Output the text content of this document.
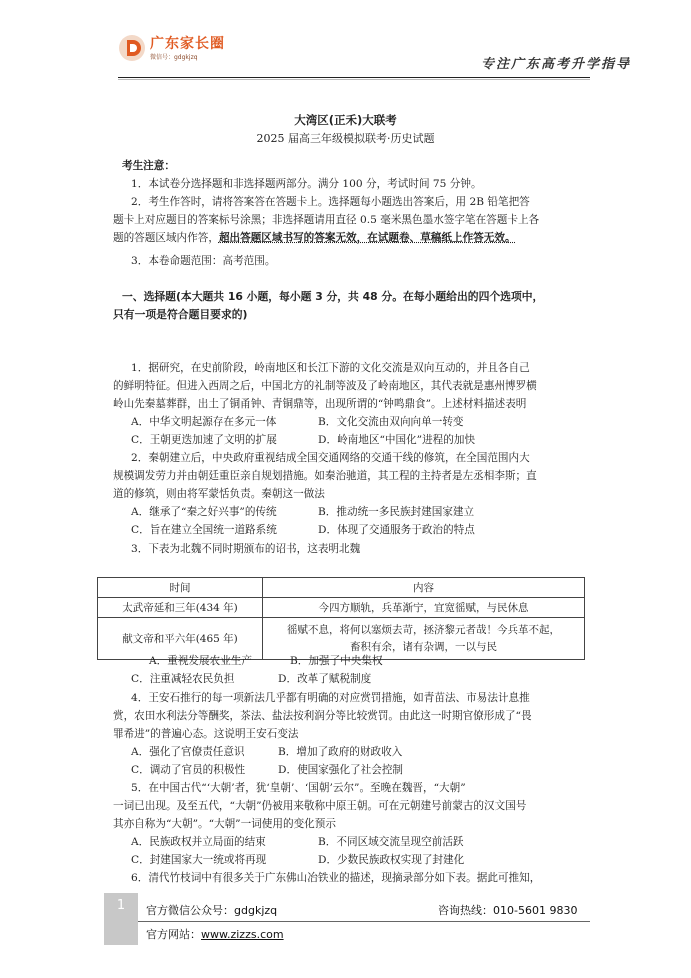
广东家长圈
微信号：gdgkjzq	专注广东高考升学指导
大湾区(正禾)大联考
2025 届高三年级模拟联考·历史试题
考生注意：
1．本试卷分选择题和非选择题两部分。满分 100 分，考试时间 75 分钟。
2．考生作答时，请将答案答在答题卡上。选择题每小题选出答案后，用 2B 铅笔把答
题卡上对应题目的答案标号涂黑；非选择题请用直径 0.5 毫米黑色墨水签字笔在答题卡上各
题的答题区域内作答，超出答题区域书写的答案无效，在试题卷、草稿纸上作答无效。
3．本卷命题范围：高考范围。
一、选择题(本大题共 16 小题，每小题 3 分，共 48 分。在每小题给出的四个选项中，
只有一项是符合题目要求的)
1．据研究，在史前阶段，岭南地区和长江下游的文化交流是双向互动的，并且各自己
的鲜明特征。但进入西周之后，中国北方的礼制等波及了岭南地区，其代表就是惠州博罗横
岭山先秦墓葬群，出土了铜甬钟、青铜鼎等，出现所谓的“钟鸣鼎食”。上述材料描述表明
A．中华文明起源存在多元一体	B．文化交流由双向向单一转变
C．王朝更迭加速了文明的扩展	D．岭南地区“中国化”进程的加快
2．秦朝建立后，中央政府重视结成全国交通网络的交通干线的修筑，在全国范围内大
规模调发劳力并由朝廷重臣亲自规划措施。如秦治驰道，其工程的主持者是左丞相李斯；直
道的修筑，则由将军蒙恬负责。秦朝这一做法
A．继承了“秦之好兴事”的传统	B．推动统一多民族封建国家建立
C．旨在建立全国统一道路系统	D．体现了交通服务于政治的特点
3．下表为北魏不同时期颁布的诏书，这表明北魏
时间	内容
太武帝延和三年(434 年)	今四方顺轨，兵革渐宁，宜宽徭赋，与民休息
献文帝和平六年(465 年)	徭赋不息，将何以塞烦去苛，拯济黎元者哉！今兵革不起，
畜积有余，诸有杂调，一以与民
A．重视发展农业生产	B．加强了中央集权
C．注重减轻农民负担	D．改革了赋税制度
4．王安石推行的每一项新法几乎都有明确的对应赏罚措施，如青苗法、市易法计息推
赏，农田水利法分等酬奖，茶法、盐法按利润分等比较赏罚。由此这一时期官僚形成了“畏
罪希进”的普遍心态。这说明王安石变法
A．强化了官僚责任意识	B．增加了政府的财政收入
C．调动了官员的积极性	D．使国家强化了社会控制
5．在中国古代“‘大朝’者，犹‘皇朝’、‘国朝’云尔”。至晚在魏晋，“大朝”
一词已出现。及至五代，“大朝”仍被用来敬称中原王朝。可在元朝建号前蒙古的汉文国号
其亦自称为“大朝”。“大朝”一词使用的变化预示
A．民族政权并立局面的结束	B．不同区域交流呈现空前活跃
C．封建国家大一统或将再现	D．少数民族政权实现了封建化
6．清代竹枝词中有很多关于广东佛山冶铁业的描述，现摘录部分如下表。据此可推知，
1	官方微信公众号：gdgkjzq	咨询热线：010-5601 9830
官方网站：www.zizzs.com
